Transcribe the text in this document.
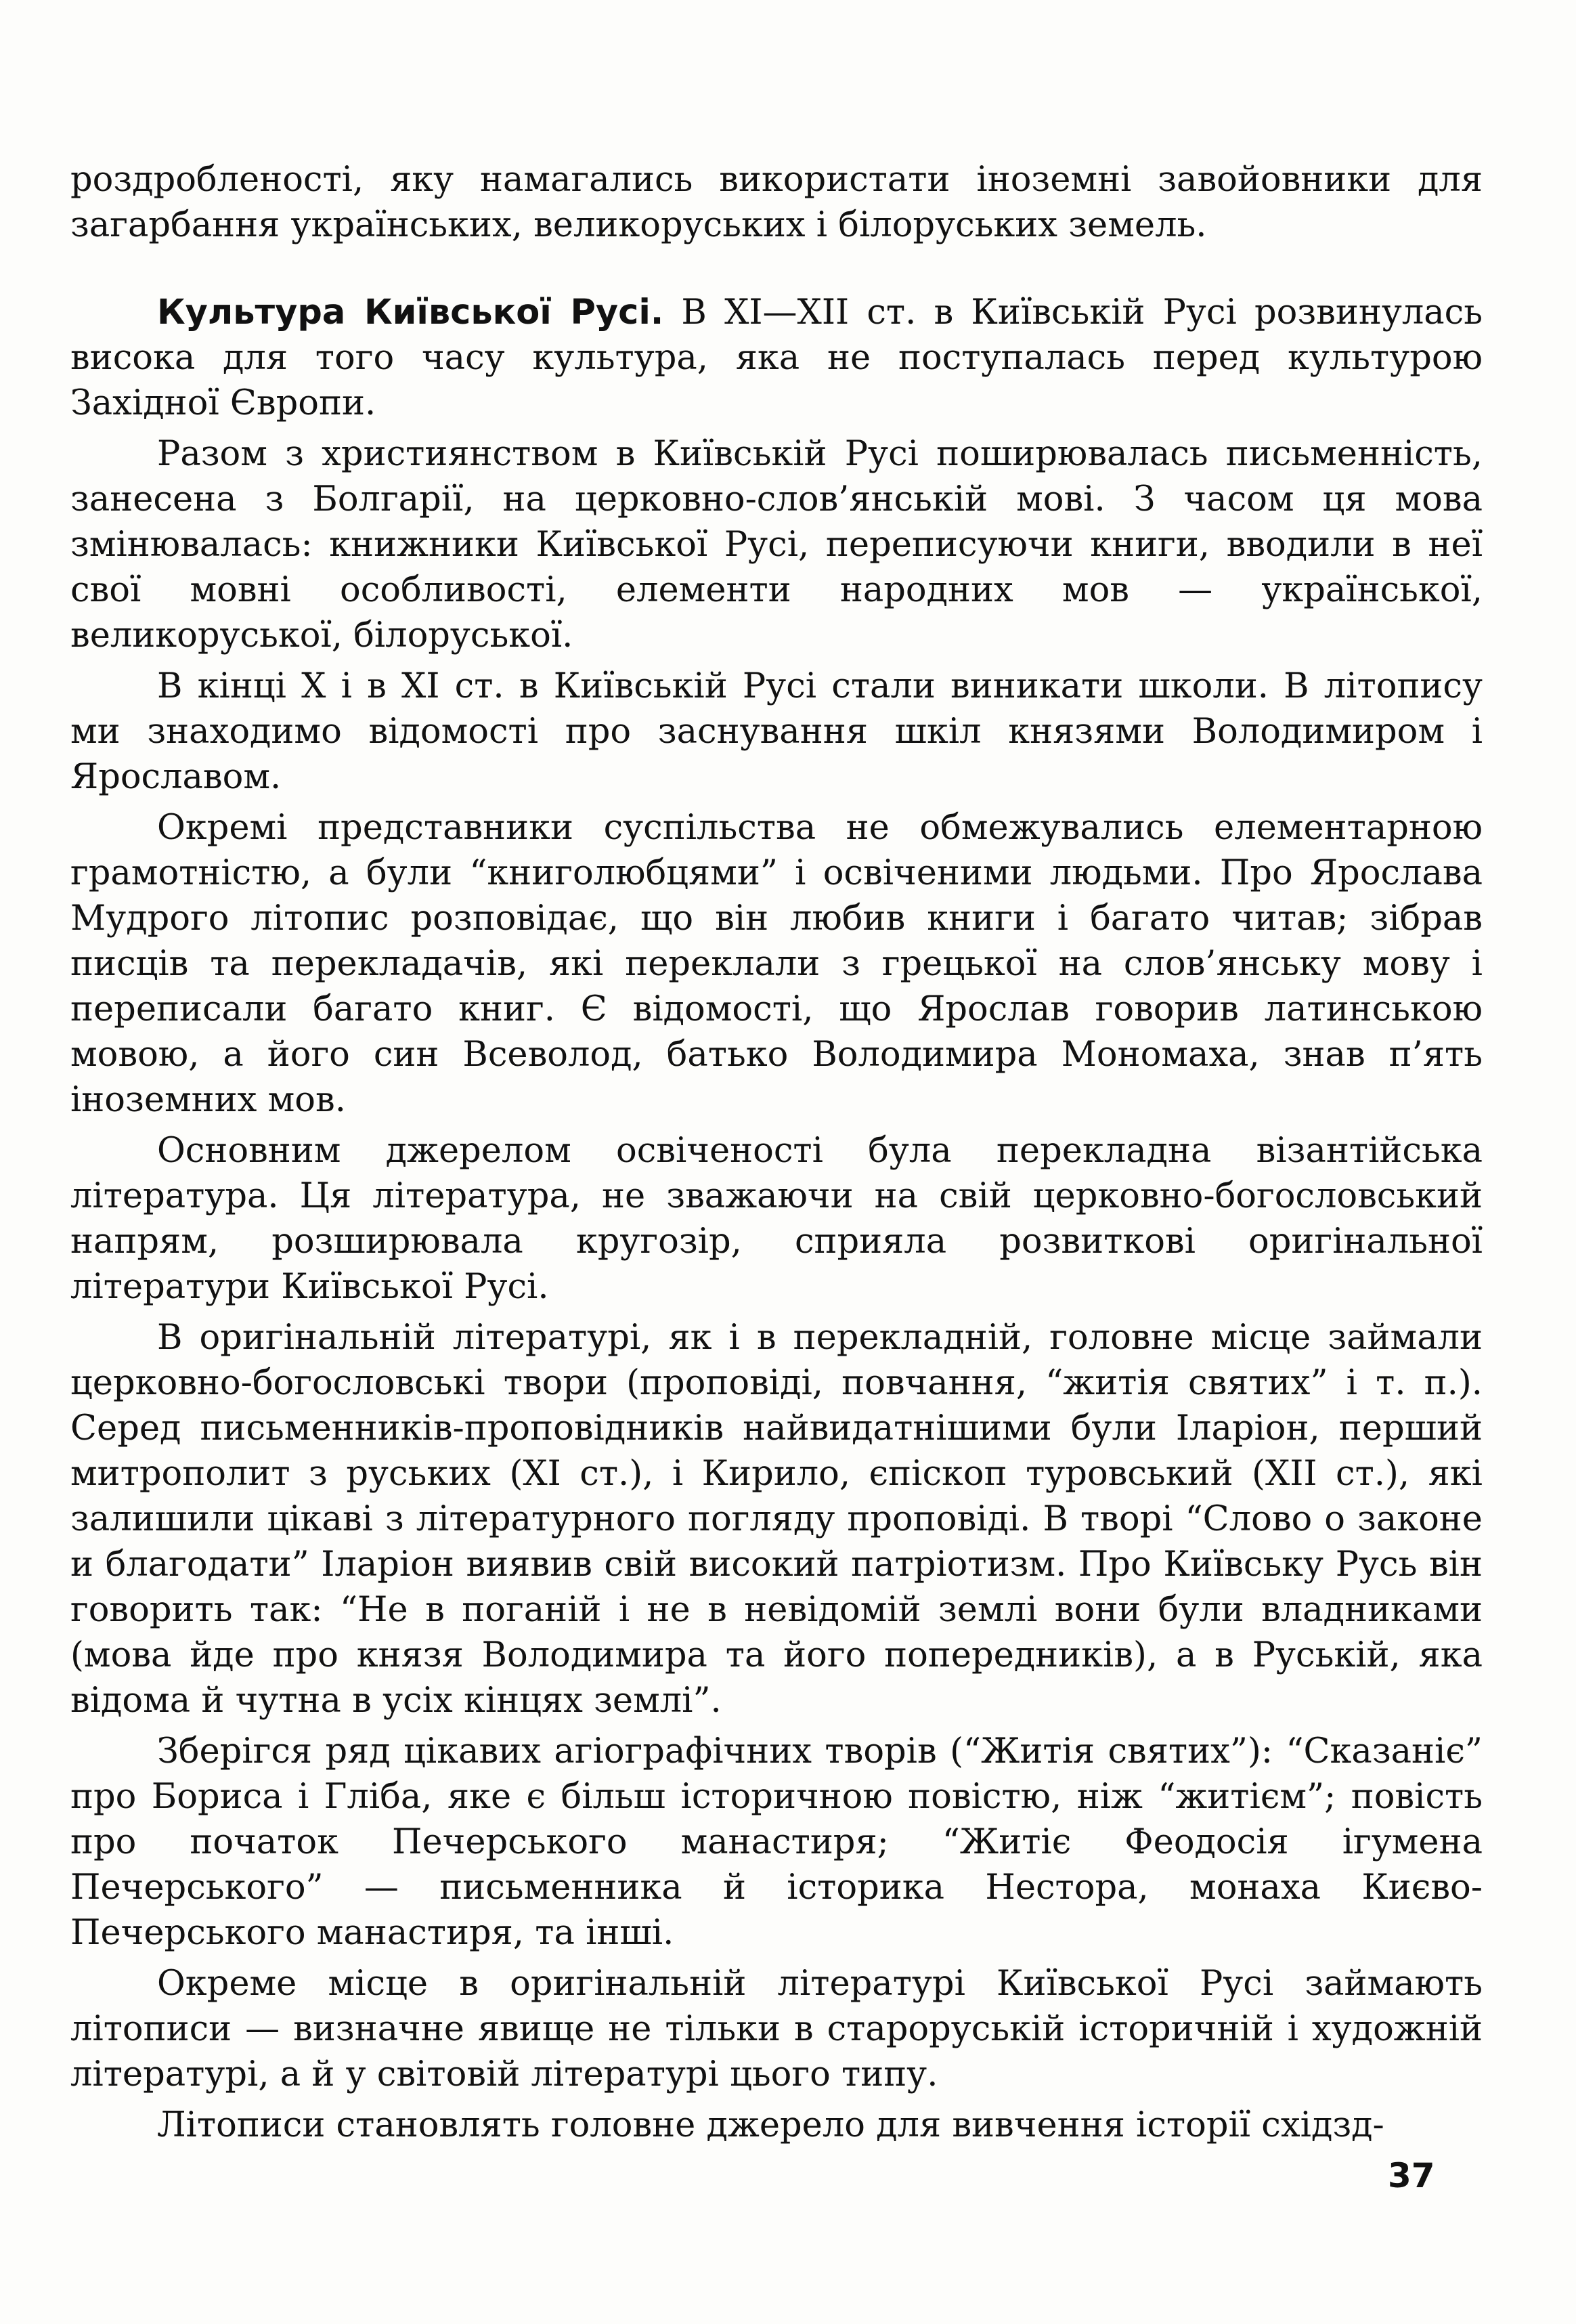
роздробленості, яку намагались використати іноземні завойовники для загарбання українських, великоруських і білоруських земель.

Культура Київської Русі. В XI—XII ст. в Київській Русі розвинулась висока для того часу культура, яка не поступалась перед культурою Західної Європи.

Разом з християнством в Київській Русі поширювалась письменність, занесена з Болгарії, на церковно-слов’янській мові. З часом ця мова змінювалась: книжники Київської Русі, переписуючи книги, вводили в неї свої мовні особливості, елементи народних мов — української, великоруської, білоруської.

В кінці X і в XI ст. в Київській Русі стали виникати школи. В літопису ми знаходимо відомості про заснування шкіл князями Володимиром і Ярославом.

Окремі представники суспільства не обмежувались елементарною грамотністю, а були “книголюбцями” і освіченими людьми. Про Ярослава Мудрого літопис розповідає, що він любив книги і багато читав; зібрав писців та перекладачів, які переклали з грецької на слов’янську мову і переписали багато книг. Є відомості, що Ярослав говорив латинською мовою, а його син Всеволод, батько Володимира Мономаха, знав п’ять іноземних мов.

Основним джерелом освіченості була перекладна візантійська література. Ця література, не зважаючи на свій церковно-богословський напрям, розширювала кругозір, сприяла розвиткові оригінальної літератури Київської Русі.

В оригінальній літературі, як і в перекладній, головне місце займали церковно-богословські твори (проповіді, повчання, “житія святих” і т. п.). Серед письменників-проповідників найвидатнішими були Іларіон, перший митрополит з руських (XI ст.), і Кирило, єпіскоп туровський (XII ст.), які залишили цікаві з літературного погляду проповіді. В творі “Слово о законе и благодати” Іларіон виявив свій високий патріотизм. Про Київську Русь він говорить так: “Не в поганій і не в невідомій землі вони були владниками (мова йде про князя Володимира та його попередників), а в Руській, яка відома й чутна в усіх кінцях землі”.

Зберігся ряд цікавих агіографічних творів (“Житія святих”): “Сказаніє” про Бориса і Гліба, яке є більш історичною повістю, ніж “житієм”; повість про початок Печерського манастиря; “Житіє Феодосія ігумена Печерського” — письменника й історика Нестора, монаха Києво-Печерського манастиря, та інші.

Окреме місце в оригінальній літературі Київської Русі займають літописи — визначне явище не тільки в староруській історичній і художній літературі, а й у світовій літературі цього типу.

Літописи становлять головне джерело для вивчення історії східзд-

37
